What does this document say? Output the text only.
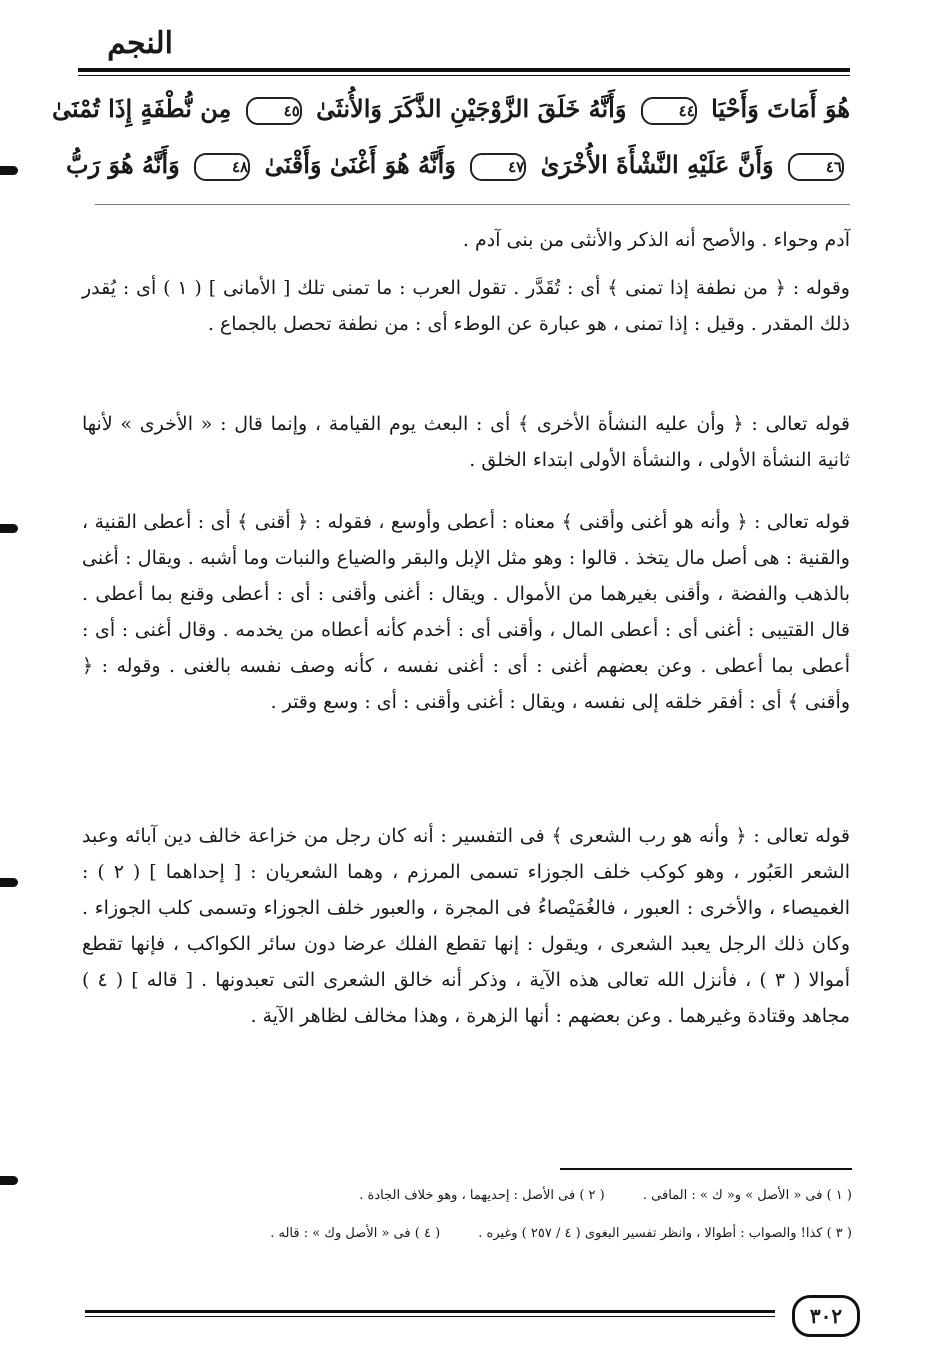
النجم
هُوَ أَمَاتَ وَأَحْيَا ٤٤ وَأَنَّهُ خَلَقَ الزَّوْجَيْنِ الذَّكَرَ وَالأُنثَىٰ ٤٥ مِن نُّطْفَةٍ إِذَا تُمْنَىٰ
٤٦ وَأَنَّ عَلَيْهِ النَّشْأَةَ الأُخْرَىٰ ٤٧ وَأَنَّهُ هُوَ أَغْنَىٰ وَأَقْنَىٰ ٤٨ وَأَنَّهُ هُوَ رَبُّ
آدم وحواء . والأصح أنه الذكر والأنثى من بنى آدم .
وقوله : ﴿ من نطفة إذا تمنى ﴾ أى : تُقَدَّر . تقول العرب : ما تمنى تلك [ الأمانى ] ( ١ ) أى : يُقدر ذلك المقدر . وقيل : إذا تمنى ، هو عبارة عن الوطء أى : من نطفة تحصل بالجماع .
قوله تعالى : ﴿ وأن عليه النشأة الأخرى ﴾ أى : البعث يوم القيامة ، وإنما قال : « الأخرى » لأنها ثانية النشأة الأولى ، والنشأة الأولى ابتداء الخلق .
قوله تعالى : ﴿ وأنه هو أغنى وأقنى ﴾ معناه : أعطى وأوسع ، فقوله : ﴿ أقنى ﴾ أى : أعطى القنية ، والقنية : هى أصل مال يتخذ . قالوا : وهو مثل الإبل والبقر والضياع والنبات وما أشبه . ويقال : أغنى بالذهب والفضة ، وأقنى بغيرهما من الأموال . ويقال : أغنى وأقنى : أى : أعطى وقنع بما أعطى . قال القتيبى : أغنى أى : أعطى المال ، وأقنى أى : أخدم كأنه أعطاه من يخدمه . وقال أغنى : أى : أعطى بما أعطى . وعن بعضهم أغنى : أى : أغنى نفسه ، كأنه وصف نفسه بالغنى . وقوله : ﴿ وأقنى ﴾ أى : أفقر خلقه إلى نفسه ، ويقال : أغنى وأقنى : أى : وسع وقتر .
قوله تعالى : ﴿ وأنه هو رب الشعرى ﴾ فى التفسير : أنه كان رجل من خزاعة خالف دين آبائه وعبد الشعر العَبُور ، وهو كوكب خلف الجوزاء تسمى المرزم ، وهما الشعريان : [ إحداهما ] ( ٢ ) : الغميصاء ، والأخرى : العبور ، فالغُمَيْصاءُ فى المجرة ، والعبور خلف الجوزاء وتسمى كلب الجوزاء . وكان ذلك الرجل يعبد الشعرى ، ويقول : إنها تقطع الفلك عرضا دون سائر الكواكب ، فإنها تقطع أموالا ( ٣ ) ، فأنزل الله تعالى هذه الآية ، وذكر أنه خالق الشعرى التى تعبدونها . [ قاله ] ( ٤ ) مجاهد وقتادة وغيرهما . وعن بعضهم : أنها الزهرة ، وهذا مخالف لظاهر الآية .
( ١ ) فى « الأصل » و« ك » : المافى . ( ٢ ) فى الأصل : إحديهما ، وهو خلاف الجادة .
( ٣ ) كذا! والصواب : أطوالا ، وانظر تفسير البغوى ( ٤ / ٢٥٧ ) وغيره . ( ٤ ) فى « الأصل وك » : قاله .
٣٠٢
